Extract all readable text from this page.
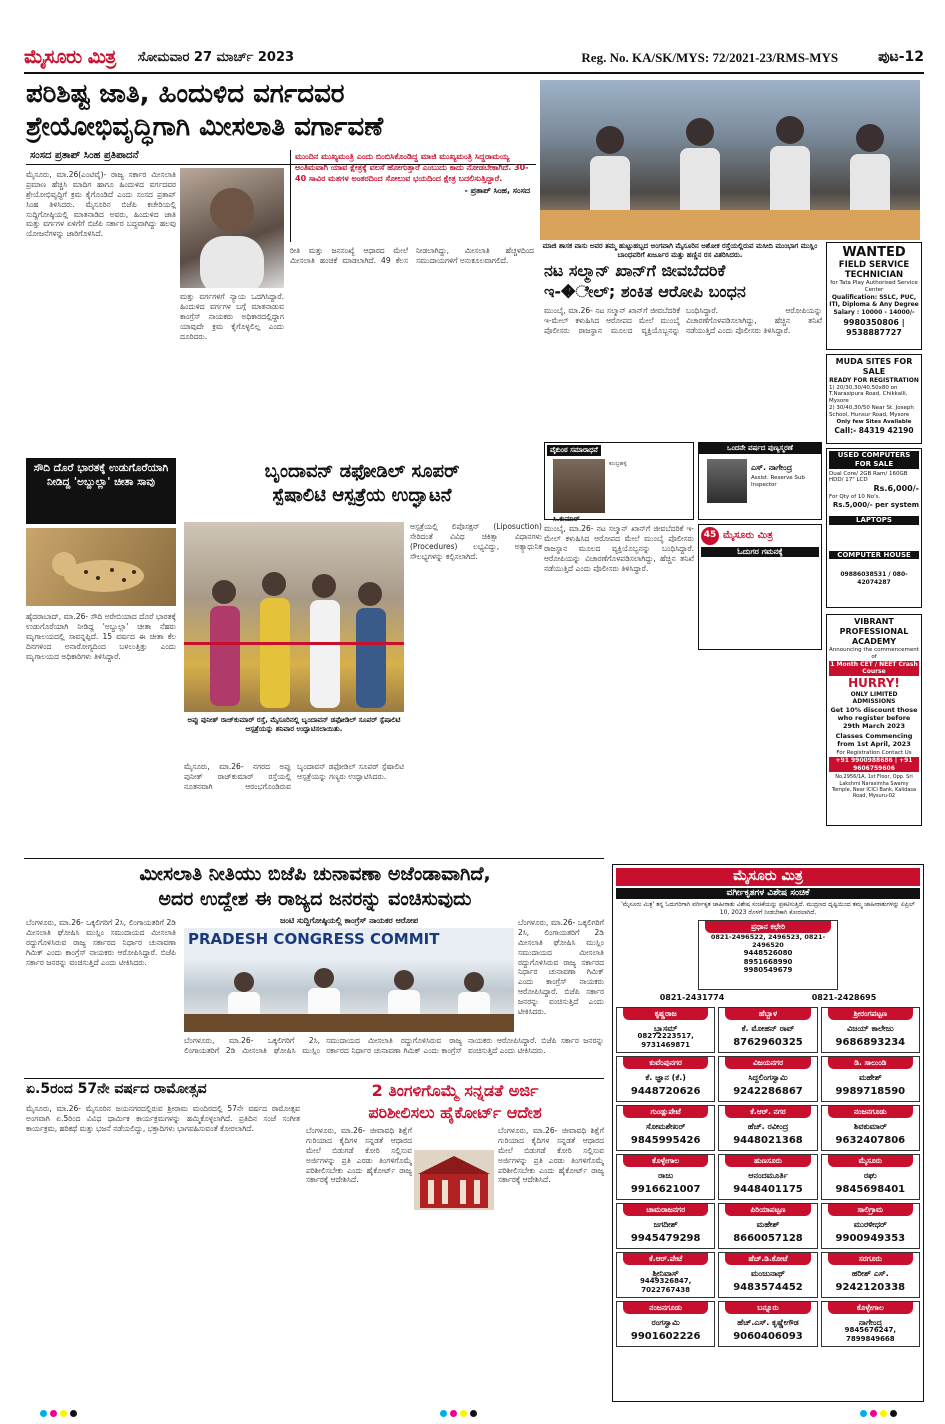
ಮೈಸೂರು ಮಿತ್ರ ಸೋಮವಾರ 27 ಮಾರ್ಚ್ 2023	Reg. No. KA/SK/MYS: 72/2021-23/RMS-MYS	ಪುಟ-12
ಪರಿಶಿಷ್ಟ ಜಾತಿ, ಹಿಂದುಳಿದ ವರ್ಗದವರ
ಶ್ರೇಯೋಭಿವೃದ್ಧಿಗಾಗಿ ಮೀಸಲಾತಿ ವರ್ಗಾವಣೆ
ಸಂಸದ ಪ್ರತಾಪ್ ಸಿಂಹ ಪ್ರತಿಪಾದನೆ
ಮೈಸೂರು, ಮಾ.26(ಎಂಟಿವೈ)- ರಾಜ್ಯ ಸರ್ಕಾರ ಮೀಸಲಾತಿ ಪ್ರಮಾಣ ಹೆಚ್ಚಿಸಿ ಮಾದಿಗ ಹಾಗೂ ಹಿಂದುಳಿದ ವರ್ಗದವರ ಶ್ರೇಯೋಭಿವೃದ್ಧಿಗೆ ಕ್ರಮ ಕೈಗೊಂಡಿದೆ ಎಂದು ಸಂಸದ ಪ್ರತಾಪ್ ಸಿಂಹ ತಿಳಿಸಿದರು. ಮೈಸೂರಿನ ಬಿಜೆಪಿ ಕಚೇರಿಯಲ್ಲಿ ಸುದ್ದಿಗೋಷ್ಠಿಯಲ್ಲಿ ಮಾತನಾಡಿದ ಅವರು, ಹಿಂದುಳಿದ ಜಾತಿ ಮತ್ತು ವರ್ಗಗಳ ಏಳಿಗೆಗೆ ಬಿಜೆಪಿ ಸರ್ಕಾರ ಬದ್ಧವಾಗಿದ್ದು ಹಲವು ಯೋಜನೆಗಳನ್ನು ಜಾರಿಗೊಳಿಸಿದೆ.
ಮತ್ತು ವರ್ಗಗಳಿಗೆ ನ್ಯಾಯ ಒದಗಿಸಿದ್ದಾರೆ. ಹಿಂದುಳಿದ ವರ್ಗಗಳ ಬಗ್ಗೆ ಮಾತನಾಡುವ ಕಾಂಗ್ರೆಸ್ ನಾಯಕರು ಅಧಿಕಾರದಲ್ಲಿದ್ದಾಗ ಯಾವುದೇ ಕ್ರಮ ಕೈಗೊಳ್ಳಲಿಲ್ಲ ಎಂದು ದೂರಿದರು.
ಮುಂದಿನ ಮುಖ್ಯಮಂತ್ರಿ ಎಂದು ಬಿಂಬಿಸಿಕೊಂಡಿದ್ದ ಮಾಜಿ ಮುಖ್ಯಮಂತ್ರಿ ಸಿದ್ದರಾಮಯ್ಯ ಅಂತಿಮವಾಗಿ ಯಾವ ಕ್ಷೇತ್ರಕ್ಕೆ ವಲಸೆ ಹೋಗುತ್ತಾರೆ ಎಂಬುದು ಕಾದು ನೋಡಬೇಕಾಗಿದೆ. 30-40 ಸಾವಿರ ಮತಗಳ ಅಂತರದಿಂದ ಸೋಲುವ ಭಯದಿಂದ ಕ್ಷೇತ್ರ ಬದಲಿಸುತ್ತಿದ್ದಾರೆ.
- ಪ್ರತಾಪ್ ಸಿಂಹ, ಸಂಸದ
ರೀತಿ ಮತ್ತು ಜನಸಂಖ್ಯೆ ಆಧಾರದ ಮೇಲೆ ಮೀಸಲಾತಿ ಹಂಚಿಕೆ ಮಾಡಲಾಗಿದೆ. 49 ಕೆಲಸ ನೀಡಲಾಗಿದ್ದು, ಮೀಸಲಾತಿ ಹೆಚ್ಚಳದಿಂದ ಸಮುದಾಯಗಳಿಗೆ ಅನುಕೂಲವಾಗಲಿದೆ.
ಮಾಜಿ ಶಾಸಕ ವಾಸು ಅವರ ತಮ್ಮ ಹುಟ್ಟುಹಬ್ಬದ ಅಂಗವಾಗಿ ಮೈಸೂರಿನ ಅಶೋಕ ರಸ್ತೆಯಲ್ಲಿರುವ ಮಸೀದಿ ಮುಂಭಾಗ ಮುಸ್ಲಿಂ ಬಾಂಧವರಿಗೆ ಖರ್ಜೂರ ಮತ್ತು ಹಣ್ಣಿನ ರಸ ವಿತರಿಸಿದರು.	WANTED
FIELD SERVICE TECHNICIAN
for Tata Play Authorised Service Center
Qualification: SSLC, PUC, ITI, Diploma & Any Degree
Salary : 10000 - 14000/-
9980350806 | 9538887727
ನಟ ಸಲ್ಮಾನ್ ಖಾನ್‌ಗೆ ಜೀವಬೆದರಿಕೆ
ಇ-�ೇಲ್; ಶಂಕಿತ ಆರೋಪಿ ಬಂಧನ
ಮುಂಬೈ, ಮಾ.26- ನಟ ಸಲ್ಮಾನ್ ಖಾನ್‌ಗೆ ಜೀವಬೆದರಿಕೆ ಇ-ಮೇಲ್ ಕಳುಹಿಸಿದ ಆರೋಪದ ಮೇಲೆ ಮುಂಬೈ ಪೊಲೀಸರು ರಾಜಸ್ಥಾನ ಮೂಲದ ವ್ಯಕ್ತಿಯೊಬ್ಬನನ್ನು ಬಂಧಿಸಿದ್ದಾರೆ. ಆರೋಪಿಯನ್ನು ವಿಚಾರಣೆಗೊಳಪಡಿಸಲಾಗಿದ್ದು, ಹೆಚ್ಚಿನ ತನಿಖೆ ನಡೆಯುತ್ತಿದೆ ಎಂದು ಪೊಲೀಸರು ತಿಳಿಸಿದ್ದಾರೆ.
MUDA SITES FOR SALE
READY FOR REGISTRATION
1) 20/30,30/40,50x80 on T.Narasipura Road, Chikkalli, Mysore
2) 30/40,30/50 Near St. Joseph School, Hunsur Road, Mysore
Only few Sites Available
Call:- 84319 42190
ವೈಕುಂಠ ಸಮಾರಾಧನೆ
ಕುಂಬ್ರಹಳ್ಳಿ
ಸಿ.ಕುಮಾರ್
ಒಂದನೇ ವರ್ಷದ ಪುಣ್ಯಸ್ಮರಣೆ
ಎಸ್. ನಾಗೇಂದ್ರ
Assist. Reserve Sub Inspector
USED COMPUTERS FOR SALE
Dual Core/ 2GB Ram/ 160GB HDD/ 17" LCD
Rs.6,000/-
For Qty of 10 No's.
Rs.5,000/- per system
LAPTOPS
COMPUTER HOUSE
09886038531 / 080- 42074287
45 ಮೈಸೂರು ಮಿತ್ರ
ಓದುಗರ ಗಮನಕ್ಕೆ
ಸೌದಿ ದೊರೆ ಭಾರತಕ್ಕೆ ಉಡುಗೊರೆಯಾಗಿ ನೀಡಿದ್ದ 'ಅಬ್ದುಲ್ಲಾ' ಚೀತಾ ಸಾವು
ಹೈದರಾಬಾದ್, ಮಾ.26- ಸೌದಿ ಅರೇಬಿಯಾದ ದೊರೆ ಭಾರತಕ್ಕೆ ಉಡುಗೊರೆಯಾಗಿ ನೀಡಿದ್ದ 'ಅಬ್ದುಲ್ಲಾ' ಚೀತಾ ನೆಹರು ಮೃಗಾಲಯದಲ್ಲಿ ಸಾವನ್ನಪ್ಪಿದೆ. 15 ವರ್ಷದ ಈ ಚೀತಾ ಕೆಲ ದಿನಗಳಿಂದ ಅನಾರೋಗ್ಯದಿಂದ ಬಳಲುತ್ತಿತ್ತು ಎಂದು ಮೃಗಾಲಯದ ಅಧಿಕಾರಿಗಳು ತಿಳಿಸಿದ್ದಾರೆ.
ಬೃಂದಾವನ್ ಡಫೋಡಿಲ್ ಸೂಪರ್
ಸ್ಪೆಷಾಲಿಟಿ ಆಸ್ಪತ್ರೆಯ ಉದ್ಘಾಟನೆ
ಅಪ್ಪು ಪುನೀತ್ ರಾಜ್‌ಕುಮಾರ್ ರಸ್ತೆ, ಮೈಸೂರಿನಲ್ಲಿ ಬೃಂದಾವನ್ ಡಫೋಡಿಲ್ ಸೂಪರ್ ಸ್ಪೆಷಾಲಿಟಿ ಆಸ್ಪತ್ರೆಯನ್ನು ಶನಿವಾರ ಉದ್ಘಾಟಿಸಲಾಯಿತು.
ಮೈಸೂರು, ಮಾ.26- ನಗರದ ಅಪ್ಪು ಪುನೀತ್ ರಾಜ್‌ಕುಮಾರ್ ರಸ್ತೆಯಲ್ಲಿ ನೂತನವಾಗಿ ಆರಂಭಗೊಂಡಿರುವ ಬೃಂದಾವನ್ ಡಫೋಡಿಲ್ ಸೂಪರ್ ಸ್ಪೆಷಾಲಿಟಿ ಆಸ್ಪತ್ರೆಯನ್ನು ಗಣ್ಯರು ಉದ್ಘಾಟಿಸಿದರು.
ಆಸ್ಪತ್ರೆಯಲ್ಲಿ ಲಿಪೊಸಕ್ಷನ್ (Liposuction) ಸೇರಿದಂತೆ ವಿವಿಧ ಚಿಕಿತ್ಸಾ ವಿಧಾನಗಳು (Procedures) ಲಭ್ಯವಿದ್ದು, ಅತ್ಯಾಧುನಿಕ ಸೌಲಭ್ಯಗಳನ್ನು ಕಲ್ಪಿಸಲಾಗಿದೆ.
ಮುಂಬೈ, ಮಾ.26- ನಟ ಸಲ್ಮಾನ್ ಖಾನ್‌ಗೆ ಜೀವಬೆದರಿಕೆ ಇ-ಮೇಲ್ ಕಳುಹಿಸಿದ ಆರೋಪದ ಮೇಲೆ ಮುಂಬೈ ಪೊಲೀಸರು ರಾಜಸ್ಥಾನ ಮೂಲದ ವ್ಯಕ್ತಿಯೊಬ್ಬನನ್ನು ಬಂಧಿಸಿದ್ದಾರೆ. ಆರೋಪಿಯನ್ನು ವಿಚಾರಣೆಗೊಳಪಡಿಸಲಾಗಿದ್ದು, ಹೆಚ್ಚಿನ ತನಿಖೆ ನಡೆಯುತ್ತಿದೆ ಎಂದು ಪೊಲೀಸರು ತಿಳಿಸಿದ್ದಾರೆ.
VIBRANT PROFESSIONAL ACADEMY
Announcing the commencement of
1 Month CET / NEET Crash Course
HURRY!
ONLY LIMITED ADMISSIONS
Get 10% discount those who register before 29th March 2023
Classes Commencing from 1st April, 2023
For Registration Contact Us
+91 9900988686 | +91 9606759606
No.2956/1A, 1st Floor, Opp. Sri Lakshmi Narasimha Swamy Temple, Near ICICI Bank, Kalidasa Road, Mysuru-02
ಮೀಸಲಾತಿ ನೀತಿಯು ಬಿಜೆಪಿ ಚುನಾವಣಾ ಅಜೆಂಡಾವಾಗಿದೆ,
ಅದರ ಉದ್ದೇಶ ಈ ರಾಜ್ಯದ ಜನರನ್ನು ವಂಚಿಸುವುದು
ಬೆಂಗಳೂರು, ಮಾ.26- ಒಕ್ಕಲಿಗರಿಗೆ 2ಸಿ, ಲಿಂಗಾಯತರಿಗೆ 2ಡಿ ಮೀಸಲಾತಿ ಘೋಷಿಸಿ ಮುಸ್ಲಿಂ ಸಮುದಾಯದ ಮೀಸಲಾತಿ ರದ್ದುಗೊಳಿಸಿರುವ ರಾಜ್ಯ ಸರ್ಕಾರದ ನಿರ್ಧಾರ ಚುನಾವಣಾ ಗಿಮಿಕ್ ಎಂದು ಕಾಂಗ್ರೆಸ್ ನಾಯಕರು ಆರೋಪಿಸಿದ್ದಾರೆ. ಬಿಜೆಪಿ ಸರ್ಕಾರ ಜನರನ್ನು ವಂಚಿಸುತ್ತಿದೆ ಎಂದು ಟೀಕಿಸಿದರು.
ಜಂಟಿ ಸುದ್ದಿಗೋಷ್ಠಿಯಲ್ಲಿ ಕಾಂಗ್ರೆಸ್ ನಾಯಕರ ಆರೋಪ
PRADESH CONGRESS COMMIT
ಬೆಂಗಳೂರು, ಮಾ.26- ಒಕ್ಕಲಿಗರಿಗೆ 2ಸಿ, ಲಿಂಗಾಯತರಿಗೆ 2ಡಿ ಮೀಸಲಾತಿ ಘೋಷಿಸಿ ಮುಸ್ಲಿಂ ಸಮುದಾಯದ ಮೀಸಲಾತಿ ರದ್ದುಗೊಳಿಸಿರುವ ರಾಜ್ಯ ಸರ್ಕಾರದ ನಿರ್ಧಾರ ಚುನಾವಣಾ ಗಿಮಿಕ್ ಎಂದು ಕಾಂಗ್ರೆಸ್ ನಾಯಕರು ಆರೋಪಿಸಿದ್ದಾರೆ. ಬಿಜೆಪಿ ಸರ್ಕಾರ ಜನರನ್ನು ವಂಚಿಸುತ್ತಿದೆ ಎಂದು ಟೀಕಿಸಿದರು.
ಬೆಂಗಳೂರು, ಮಾ.26- ಒಕ್ಕಲಿಗರಿಗೆ 2ಸಿ, ಲಿಂಗಾಯತರಿಗೆ 2ಡಿ ಮೀಸಲಾತಿ ಘೋಷಿಸಿ ಮುಸ್ಲಿಂ ಸಮುದಾಯದ ಮೀಸಲಾತಿ ರದ್ದುಗೊಳಿಸಿರುವ ರಾಜ್ಯ ಸರ್ಕಾರದ ನಿರ್ಧಾರ ಚುನಾವಣಾ ಗಿಮಿಕ್ ಎಂದು ಕಾಂಗ್ರೆಸ್ ನಾಯಕರು ಆರೋಪಿಸಿದ್ದಾರೆ. ಬಿಜೆಪಿ ಸರ್ಕಾರ ಜನರನ್ನು ವಂಚಿಸುತ್ತಿದೆ ಎಂದು ಟೀಕಿಸಿದರು.
ಏ.5ರಂದ 57ನೇ ವರ್ಷದ ರಾಮೋತ್ಸವ
ಮೈಸೂರು, ಮಾ.26- ಮೈಸೂರಿನ ಜಯನಗರದಲ್ಲಿರುವ ಶ್ರೀರಾಮ ಮಂದಿರದಲ್ಲಿ 57ನೇ ವರ್ಷದ ರಾಮೋತ್ಸವ ಅಂಗವಾಗಿ ಏ.5ರಿಂದ ವಿವಿಧ ಧಾರ್ಮಿಕ ಕಾರ್ಯಕ್ರಮಗಳನ್ನು ಹಮ್ಮಿಕೊಳ್ಳಲಾಗಿದೆ. ಪ್ರತಿದಿನ ಸಂಜೆ ಸಂಗೀತ ಕಾರ್ಯಕ್ರಮ, ಹರಿಕಥೆ ಮತ್ತು ಭಜನೆ ನಡೆಯಲಿದ್ದು, ಭಕ್ತಾದಿಗಳು ಭಾಗವಹಿಸುವಂತೆ ಕೋರಲಾಗಿದೆ.
2 ತಿಂಗಳಿಗೊಮ್ಮೆ ಸನ್ನಡತೆ ಅರ್ಜಿ
ಪರಿಶೀಲಿಸಲು ಹೈಕೋರ್ಟ್ ಆದೇಶ
ಬೆಂಗಳೂರು, ಮಾ.26- ಜೀವಾವಧಿ ಶಿಕ್ಷೆಗೆ ಗುರಿಯಾದ ಕೈದಿಗಳ ಸನ್ನಡತೆ ಆಧಾರದ ಮೇಲೆ ಬಿಡುಗಡೆ ಕೋರಿ ಸಲ್ಲಿಸುವ ಅರ್ಜಿಗಳನ್ನು ಪ್ರತಿ ಎರಡು ತಿಂಗಳಿಗೊಮ್ಮೆ ಪರಿಶೀಲಿಸಬೇಕು ಎಂದು ಹೈಕೋರ್ಟ್ ರಾಜ್ಯ ಸರ್ಕಾರಕ್ಕೆ ಆದೇಶಿಸಿದೆ.
ಬೆಂಗಳೂರು, ಮಾ.26- ಜೀವಾವಧಿ ಶಿಕ್ಷೆಗೆ ಗುರಿಯಾದ ಕೈದಿಗಳ ಸನ್ನಡತೆ ಆಧಾರದ ಮೇಲೆ ಬಿಡುಗಡೆ ಕೋರಿ ಸಲ್ಲಿಸುವ ಅರ್ಜಿಗಳನ್ನು ಪ್ರತಿ ಎರಡು ತಿಂಗಳಿಗೊಮ್ಮೆ ಪರಿಶೀಲಿಸಬೇಕು ಎಂದು ಹೈಕೋರ್ಟ್ ರಾಜ್ಯ ಸರ್ಕಾರಕ್ಕೆ ಆದೇಶಿಸಿದೆ.
ಮೈಸೂರು ಮಿತ್ರ
ವರ್ಗೀಕೃತಗಳ ವಿಶೇಷ ಸಂಚಿಕೆ
'ಮೈಸೂರು ಮಿತ್ರ' ತನ್ನ ಓದುಗರಿಗಾಗಿ ವರ್ಗೀಕೃತ ಜಾಹೀರಾತು ವಿಶೇಷ ಸಂಚಿಕೆಯನ್ನು ಪ್ರಕಟಿಸುತ್ತಿದೆ. ಮುದ್ರಣದ ದೃಷ್ಟಿಯಿಂದ ತಮ್ಮ ಜಾಹೀರಾತುಗಳನ್ನು ಏಪ್ರಿಲ್ 10, 2023 ರೊಳಗೆ ನೀಡಬೇಕಾಗಿ ಕೋರಲಾಗಿದೆ.
ಪ್ರಧಾನ ಕಛೇರಿ
0821-2496522, 2496523, 0821-2496520
9448526080
8951668990
9980549679
0821-2431774	0821-2428695
ಕೃಷ್ಣರಾಜ
ಬ್ಲಾಸಮ್
08272223517, 9731469871
ಹೆಬ್ಬಾಳ
ಕೆ. ಮೋಹನ್ ರಾವ್
8762960325
ಶ್ರೀರಂಗಪಟ್ಟಣ
ವಿಜಯ್ ಕಾಲೇಜು
9686893234
ಕುವೆಂಪುನಗರ
ಕೆ. ಜ್ಞಾನ (ಕೆ.)
9448720626
ವಿಜಯನಗರ
ಸಿದ್ದಲಿಂಗಸ್ವಾಮಿ
9242286867
ಡಿ. ಸಾಲುಂಡಿ
ಮಹೇಶ್
9989718590
ಗುಂಡ್ಲುಪೇಟೆ
ಸೋಮಶೇಖರ್
9845995426
ಕೆ.ಆರ್. ನಗರ
ಹೆಚ್. ರವೀಂದ್ರ
9448021368
ನಂಜನಗೂಡು
ಶಿವಕುಮಾರ್
9632407806
ಕೊಳ್ಳೇಗಾಲ
ರಾಜು
9916621007
ಹುಣಸೂರು
ಆನಂದಮೂರ್ತಿ
9448401175
ಮೈಸೂರು
ರಘು
9845698401
ಚಾಮರಾಜನಗರ
ಜಗದೀಶ್
9945479298
ಪಿರಿಯಾಪಟ್ಟಣ
ಮಹೇಶ್
8660057128
ಸಾಲಿಗ್ರಾಮ
ಮುರಳೀಧರ್
9900949353
ಕೆ.ಆರ್.ಪೇಟೆ
ಶ್ರೀನಿವಾಸ್
9449326847, 7022767438
ಹೆಚ್.ಡಿ.ಕೋಟೆ
ಮಂಜುನಾಥ್
9483574452
ಸರಗೂರು
ಹರೀಶ್ ಎಸ್.
9242120338
ನಂಜನಗೂಡು
ರಂಗಸ್ವಾಮಿ
9901602226
ಬನ್ನೂರು
ಹೆಚ್.ಎಸ್. ಕೃಷ್ಣೇಗೌಡ
9060406093
ಕೊಳ್ಳೇಗಾಲ
ನಾಗೇಂದ್ರ
9845676247, 7899849668
